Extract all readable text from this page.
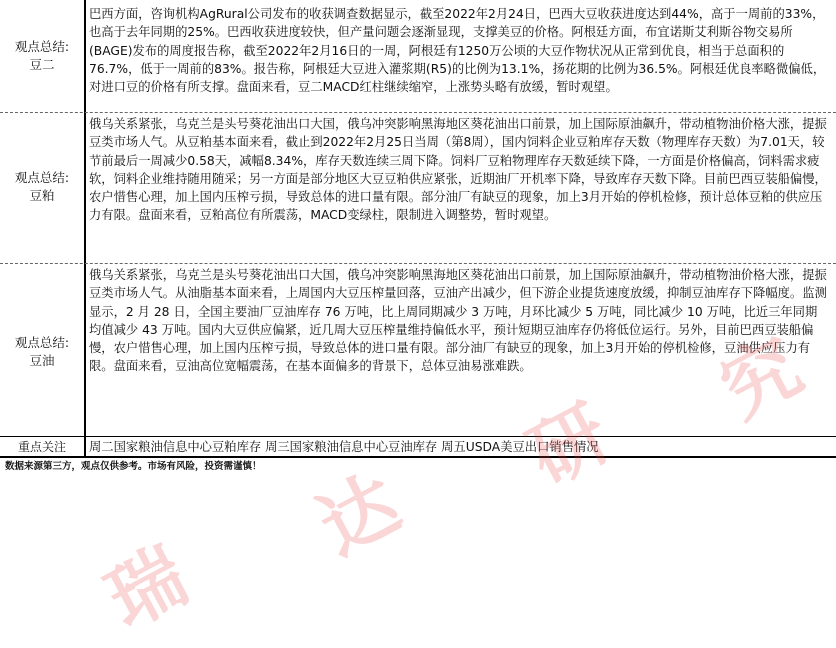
观点总结:
豆二
巴西方面，咨询机构AgRural公司发布的收获调查数据显示，截至2022年2月24日，巴西大豆收获进度达到44%，高于一周前的33%，也高于去年同期的25%。巴西收获进度较快，但产量问题会逐渐显现，支撑美豆的价格。阿根廷方面，布宜诺斯艾利斯谷物交易所(BAGE)发布的周度报告称，截至2022年2月16日的一周，阿根廷有1250万公顷的大豆作物状况从正常到优良，相当于总面积的76.7%，低于一周前的83%。报告称，阿根廷大豆进入灌浆期(R5)的比例为13.1%，扬花期的比例为36.5%。阿根廷优良率略微偏低，对进口豆的价格有所支撑。盘面来看，豆二MACD红柱继续缩窄，上涨势头略有放缓，暂时观望。
观点总结:
豆粕
俄乌关系紧张，乌克兰是头号葵花油出口大国，俄乌冲突影响黑海地区葵花油出口前景，加上国际原油飙升，带动植物油价格大涨，提振豆类市场人气。从豆粕基本面来看，截止到2022年2月25日当周（第8周），国内饲料企业豆粕库存天数（物理库存天数）为7.01天，较节前最后一周减少0.58天，减幅8.34%，库存天数连续三周下降。饲料厂豆粕物理库存天数延续下降，一方面是价格偏高，饲料需求疲软，饲料企业维持随用随采；另一方面是部分地区大豆豆粕供应紧张，近期油厂开机率下降，导致库存天数下降。目前巴西豆装船偏慢，农户惜售心理，加上国内压榨亏损，导致总体的进口量有限。部分油厂有缺豆的现象，加上3月开始的停机检修，预计总体豆粕的供应压力有限。盘面来看，豆粕高位有所震荡，MACD变绿柱，限制进入调整势，暂时观望。
观点总结:
豆油
俄乌关系紧张，乌克兰是头号葵花油出口大国，俄乌冲突影响黑海地区葵花油出口前景，加上国际原油飙升，带动植物油价格大涨，提振豆类市场人气。从油脂基本面来看，上周国内大豆压榨量回落，豆油产出减少，但下游企业提货速度放缓，抑制豆油库存下降幅度。监测显示，2 月 28 日，全国主要油厂豆油库存 76 万吨，比上周同期减少 3 万吨，月环比减少 5 万吨，同比减少 10 万吨，比近三年同期均值减少 43 万吨。国内大豆供应偏紧，近几周大豆压榨量维持偏低水平，预计短期豆油库存仍将低位运行。另外，目前巴西豆装船偏慢，农户惜售心理，加上国内压榨亏损，导致总体的进口量有限。部分油厂有缺豆的现象，加上3月开始的停机检修，豆油供应压力有限。盘面来看，豆油高位宽幅震荡，在基本面偏多的背景下，总体豆油易涨难跌。
重点关注	周二国家粮油信息中心豆粕库存 周三国家粮油信息中心豆油库存 周五USDA美豆出口销售情况
数据来源第三方，观点仅供参考。市场有风险，投资需谨慎！
瑞
达
研
究
